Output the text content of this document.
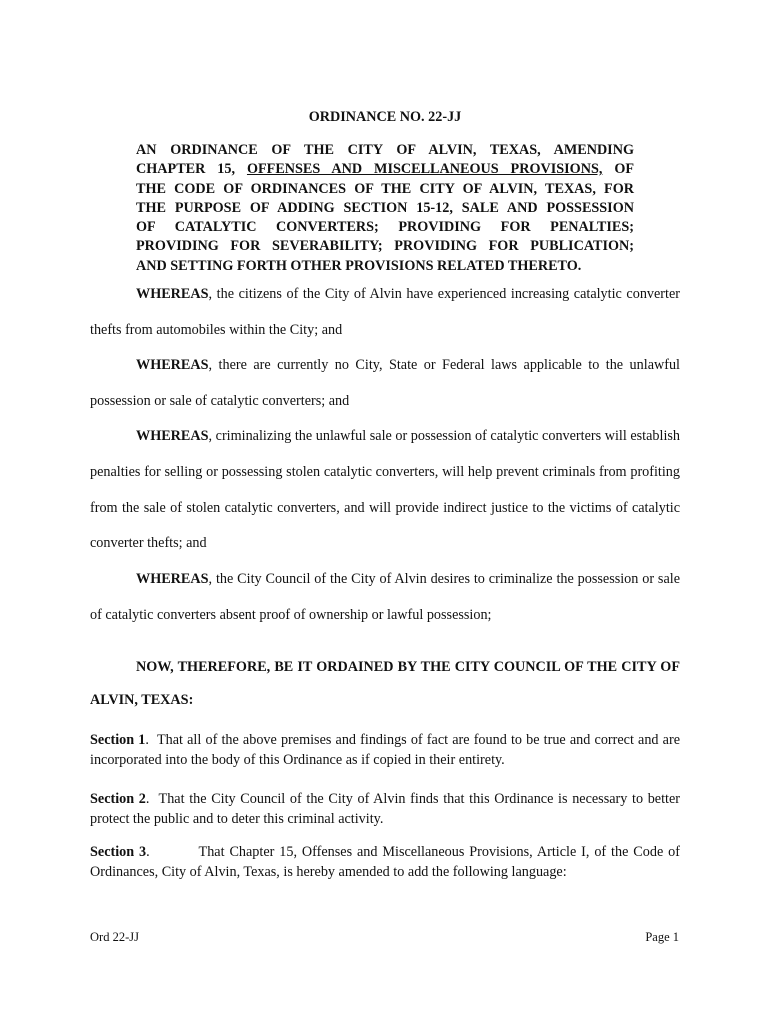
ORDINANCE NO. 22-JJ
AN ORDINANCE OF THE CITY OF ALVIN, TEXAS, AMENDING
CHAPTER 15, OFFENSES AND MISCELLANEOUS PROVISIONS, OF
THE CODE OF ORDINANCES OF THE CITY OF ALVIN, TEXAS, FOR
THE PURPOSE OF ADDING SECTION 15-12, SALE AND POSSESSION
OF CATALYTIC CONVERTERS; PROVIDING FOR PENALTIES;
PROVIDING FOR SEVERABILITY; PROVIDING FOR PUBLICATION;
AND SETTING FORTH OTHER PROVISIONS RELATED THERETO.
WHEREAS, the citizens of the City of Alvin have experienced increasing catalytic converter thefts from automobiles within the City; and
WHEREAS, there are currently no City, State or Federal laws applicable to the unlawful possession or sale of catalytic converters; and
WHEREAS, criminalizing the unlawful sale or possession of catalytic converters will establish penalties for selling or possessing stolen catalytic converters, will help prevent criminals from profiting from the sale of stolen catalytic converters, and will provide indirect justice to the victims of catalytic converter thefts; and
WHEREAS, the City Council of the City of Alvin desires to criminalize the possession or sale of catalytic converters absent proof of ownership or lawful possession;
NOW, THEREFORE, BE IT ORDAINED BY THE CITY COUNCIL OF THE CITY OF ALVIN, TEXAS:
Section 1.  That all of the above premises and findings of fact are found to be true and correct and are incorporated into the body of this Ordinance as if copied in their entirety.
Section 2.  That the City Council of the City of Alvin finds that this Ordinance is necessary to better protect the public and to deter this criminal activity.
Section 3.          That Chapter 15, Offenses and Miscellaneous Provisions, Article I, of the Code of Ordinances, City of Alvin, Texas, is hereby amended to add the following language:
Ord 22-JJ	Page 1
